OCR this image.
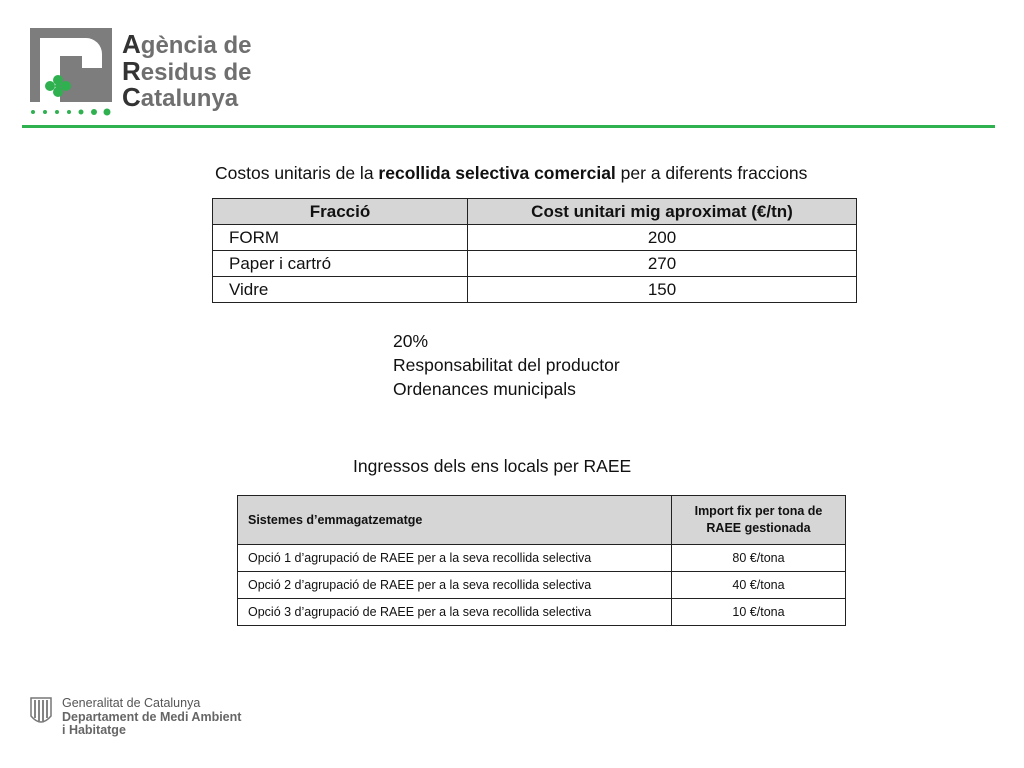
Agència de
Residus de
Catalunya
Costos unitaris de la recollida selectiva comercial per a diferents fraccions
Fracció	Cost unitari mig aproximat (€/tn)
FORM	200
Paper i cartró	270
Vidre	150
20%
Responsabilitat del productor
Ordenances municipals
Ingressos dels ens locals per RAEE
Sistemes d’emmagatzematge	Import fix per tona de RAEE gestionada
Opció 1 d’agrupació de RAEE per a la seva recollida selectiva	80 €/tona
Opció 2 d’agrupació de RAEE per a la seva recollida selectiva	40 €/tona
Opció 3 d’agrupació de RAEE per a la seva recollida selectiva	10 €/tona
Generalitat de Catalunya
Departament de Medi Ambient
i Habitatge
